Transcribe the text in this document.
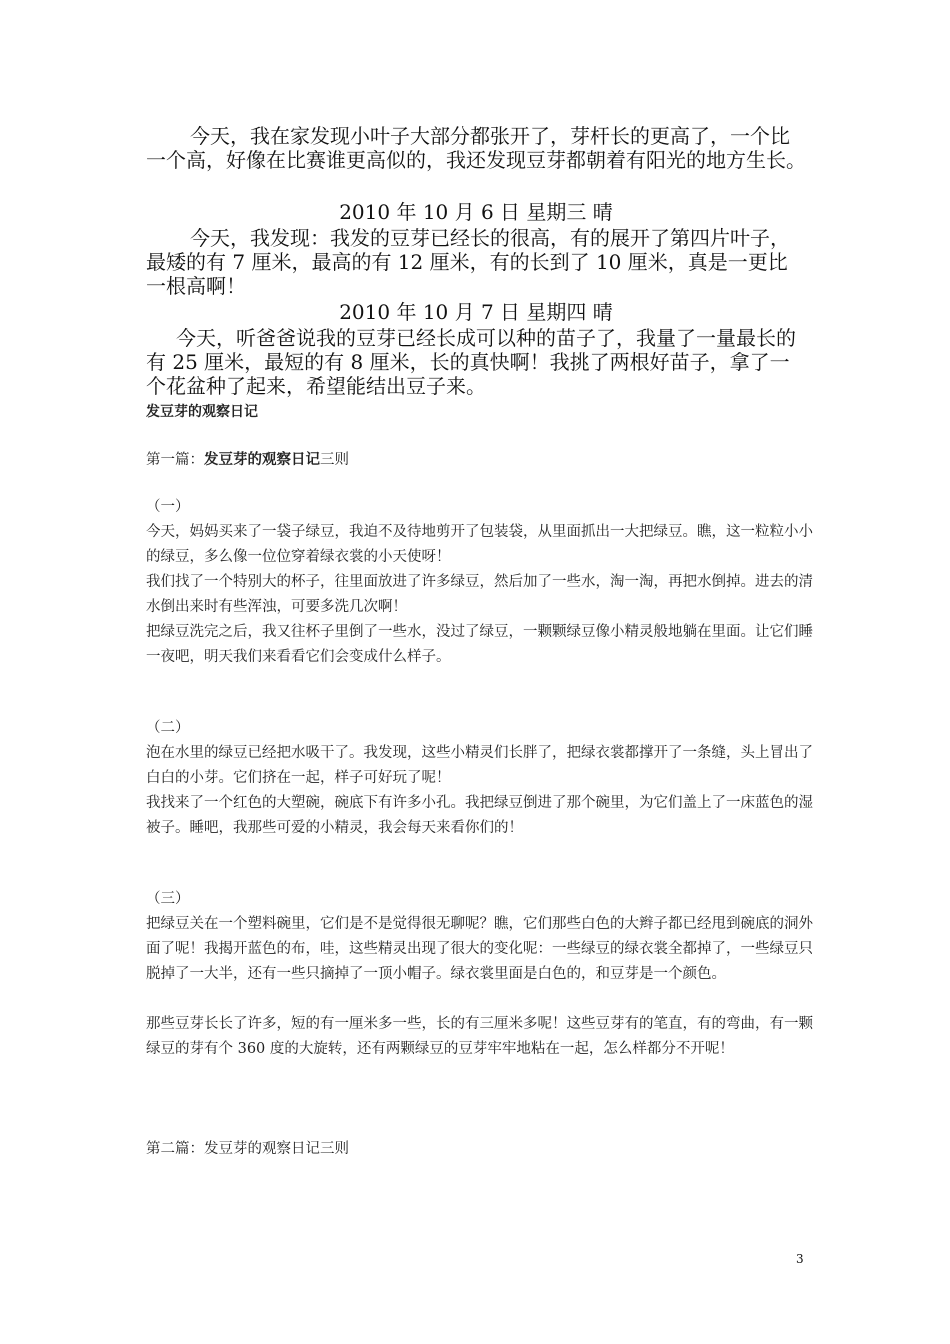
今天，我在家发现小叶子大部分都张开了，芽杆长的更高了，一个比一个高，好像在比赛谁更高似的，我还发现豆芽都朝着有阳光的地方生长。

2010 年 10 月 6 日 星期三 晴

今天，我发现：我发的豆芽已经长的很高，有的展开了第四片叶子，最矮的有 7 厘米，最高的有 12 厘米，有的长到了 10 厘米，真是一更比一根高啊！

2010 年 10 月 7 日 星期四 晴

今天，听爸爸说我的豆芽已经长成可以种的苗子了，我量了一量最长的有 25 厘米，最短的有 8 厘米，长的真快啊！我挑了两根好苗子，拿了一个花盆种了起来，希望能结出豆子来。

发豆芽的观察日记

第一篇：发豆芽的观察日记三则

（一）

今天，妈妈买来了一袋子绿豆，我迫不及待地剪开了包装袋，从里面抓出一大把绿豆。瞧，这一粒粒小小的绿豆，多么像一位位穿着绿衣裳的小天使呀！

我们找了一个特别大的杯子，往里面放进了许多绿豆，然后加了一些水，淘一淘，再把水倒掉。进去的清水倒出来时有些浑浊，可要多洗几次啊！

把绿豆洗完之后，我又往杯子里倒了一些水，没过了绿豆，一颗颗绿豆像小精灵般地躺在里面。让它们睡一夜吧，明天我们来看看它们会变成什么样子。

（二）

泡在水里的绿豆已经把水吸干了。我发现，这些小精灵们长胖了，把绿衣裳都撑开了一条缝，头上冒出了白白的小芽。它们挤在一起，样子可好玩了呢！

我找来了一个红色的大塑碗，碗底下有许多小孔。我把绿豆倒进了那个碗里，为它们盖上了一床蓝色的湿被子。睡吧，我那些可爱的小精灵，我会每天来看你们的！

（三）

把绿豆关在一个塑料碗里，它们是不是觉得很无聊呢？瞧，它们那些白色的大辫子都已经甩到碗底的洞外面了呢！我揭开蓝色的布，哇，这些精灵出现了很大的变化呢：一些绿豆的绿衣裳全都掉了，一些绿豆只脱掉了一大半，还有一些只摘掉了一顶小帽子。绿衣裳里面是白色的，和豆芽是一个颜色。

那些豆芽长长了许多，短的有一厘米多一些，长的有三厘米多呢！这些豆芽有的笔直，有的弯曲，有一颗绿豆的芽有个 360 度的大旋转，还有两颗绿豆的豆芽牢牢地粘在一起，怎么样都分不开呢！

第二篇：发豆芽的观察日记三则

3
